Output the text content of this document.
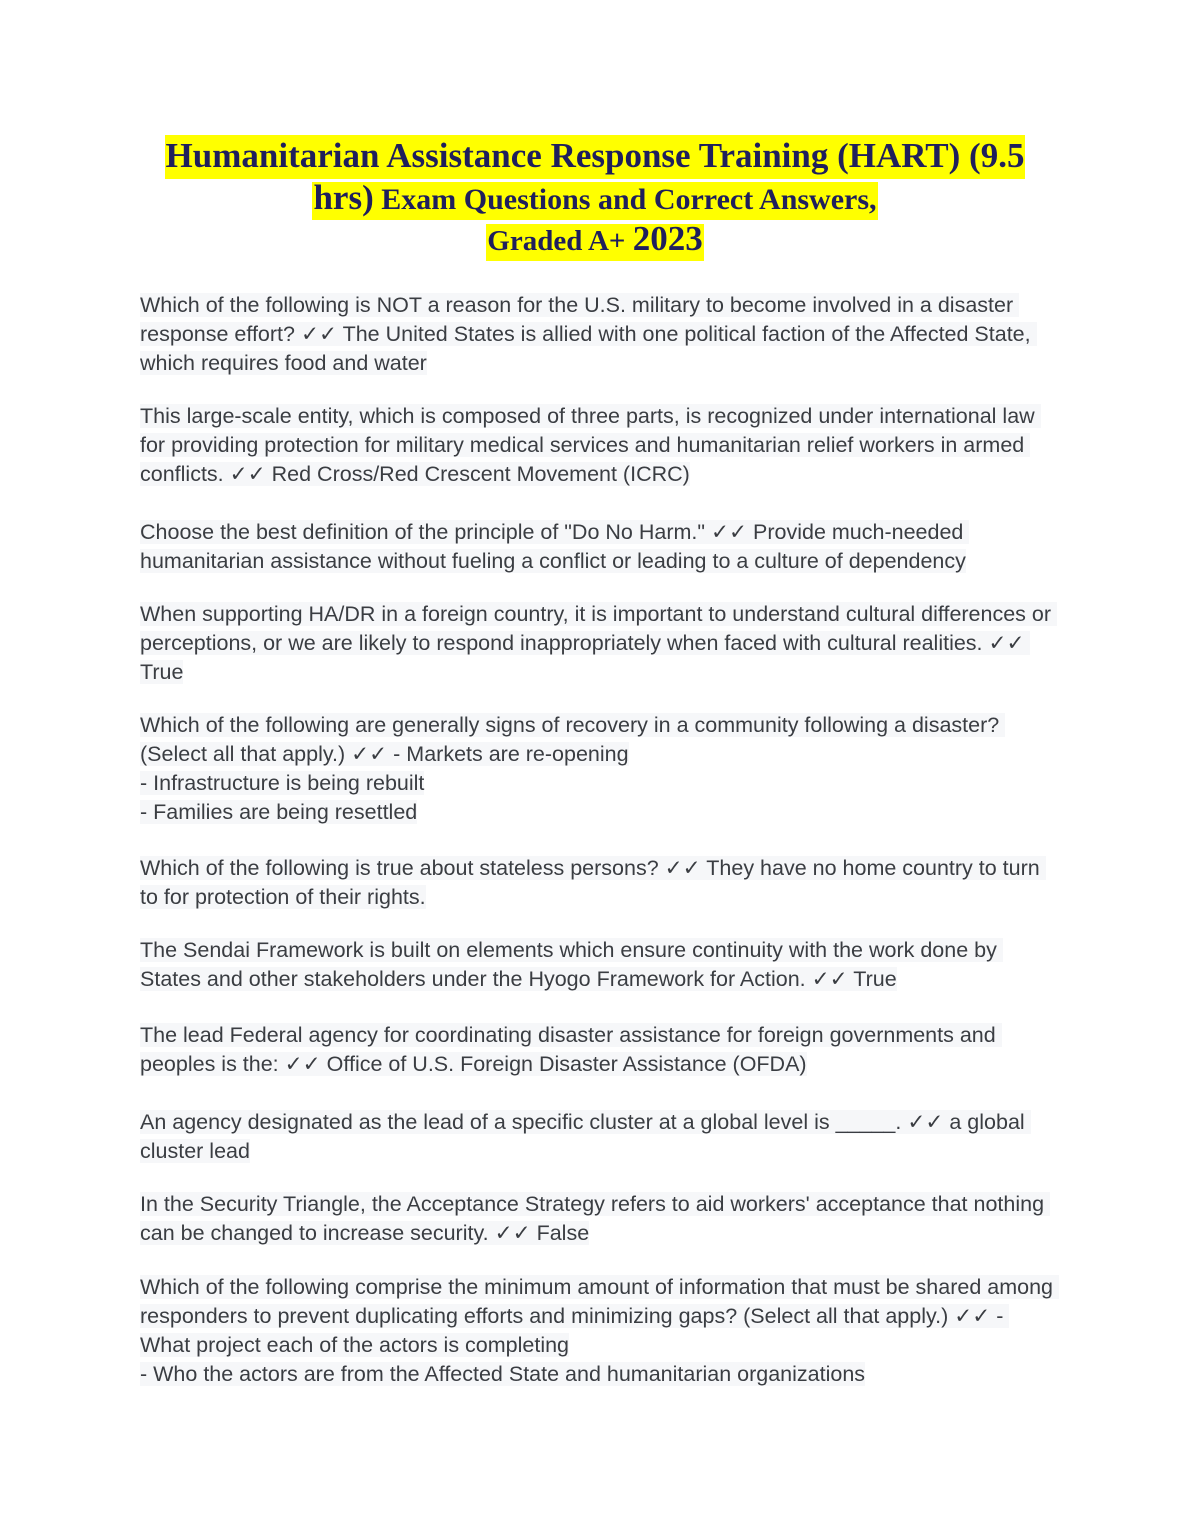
Humanitarian Assistance Response Training (HART) (9.5
hrs) Exam Questions and Correct Answers,
Graded A+ 2023

Which of the following is NOT a reason for the U.S. military to become involved in a disaster response effort? ✓✓ The United States is allied with one political faction of the Affected State, which requires food and water

This large-scale entity, which is composed of three parts, is recognized under international law for providing protection for military medical services and humanitarian relief workers in armed conflicts. ✓✓ Red Cross/Red Crescent Movement (ICRC)

Choose the best definition of the principle of "Do No Harm." ✓✓ Provide much-needed humanitarian assistance without fueling a conflict or leading to a culture of dependency

When supporting HA/DR in a foreign country, it is important to understand cultural differences or perceptions, or we are likely to respond inappropriately when faced with cultural realities. ✓✓ True

Which of the following are generally signs of recovery in a community following a disaster? (Select all that apply.) ✓✓ - Markets are re-opening
- Infrastructure is being rebuilt
- Families are being resettled

Which of the following is true about stateless persons? ✓✓ They have no home country to turn to for protection of their rights.

The Sendai Framework is built on elements which ensure continuity with the work done by States and other stakeholders under the Hyogo Framework for Action. ✓✓ True

The lead Federal agency for coordinating disaster assistance for foreign governments and peoples is the: ✓✓ Office of U.S. Foreign Disaster Assistance (OFDA)

An agency designated as the lead of a specific cluster at a global level is _____. ✓✓ a global cluster lead

In the Security Triangle, the Acceptance Strategy refers to aid workers' acceptance that nothing can be changed to increase security. ✓✓ False

Which of the following comprise the minimum amount of information that must be shared among responders to prevent duplicating efforts and minimizing gaps? (Select all that apply.) ✓✓ - What project each of the actors is completing
- Who the actors are from the Affected State and humanitarian organizations
